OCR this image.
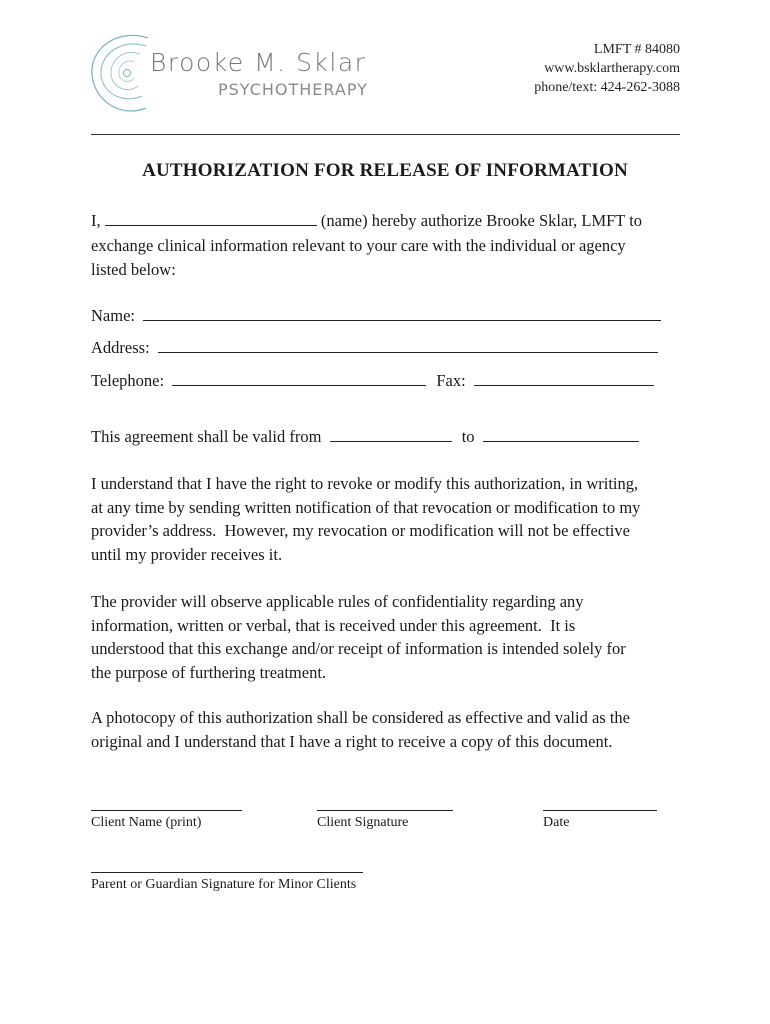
Brooke M. Sklar
PSYCHOTHERAPY
LMFT # 84080
www.bsklartherapy.com
phone/text: 424-262-3088
AUTHORIZATION FOR RELEASE OF INFORMATION
I,	(name) hereby authorize Brooke Sklar, LMFT to
exchange clinical information relevant to your care with the individual or agency
listed below:
Name:
Address:
Telephone:	Fax:
This agreement shall be valid from	to
I understand that I have the right to revoke or modify this authorization, in writing,
at any time by sending written notification of that revocation or modification to my
provider’s address.  However, my revocation or modification will not be effective
until my provider receives it.
The provider will observe applicable rules of confidentiality regarding any
information, written or verbal, that is received under this agreement.  It is
understood that this exchange and/or receipt of information is intended solely for
the purpose of furthering treatment.
A photocopy of this authorization shall be considered as effective and valid as the
original and I understand that I have a right to receive a copy of this document.
Client Name (print)	Client Signature	Date
Parent or Guardian Signature for Minor Clients
